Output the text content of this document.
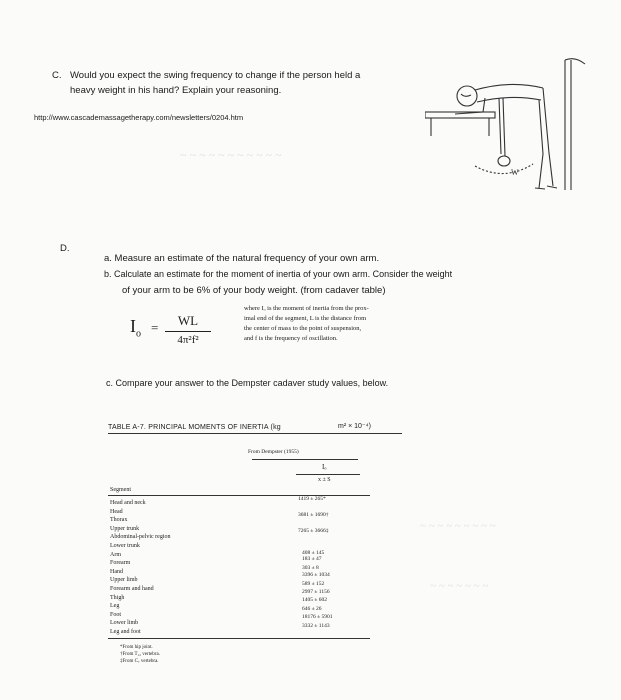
~ ~ ~ ~ ~ ~ ~ ~ ~ ~ ~
~ ~ ~ ~ ~ ~ ~ ~ ~
~ ~ ~ ~ ~ ~ ~
C. Would you expect the swing frequency to change if the person held a
heavy weight in his hand? Explain your reasoning.
http://www.cascademassagetherapy.com/newsletters/0204.htm
W
D.
a. Measure an estimate of the natural frequency of your own arm.
b. Calculate an estimate for the moment of inertia of your own arm. Consider the weight
of your arm to be 6% of your body weight. (from cadaver table)
$I_o$ =	WL
4π²f²
where Iₒ is the moment of inertia from the prox-
imal end of the segment, L is the distance from
the center of mass to the point of suspension,
and f is the frequency of oscillation.
c. Compare your answer to the Dempster cadaver study values, below.
TABLE A-7. PRINCIPAL MOMENTS OF INERTIA (kg	m² × 10⁻⁴)
From Dempster (1955)
Iₒ
x ± S
Segment
Head and neck
Head
Thorax
Upper trunk
Abdominal-pelvic region
Lower trunk
Arm
Forearm
Hand
Upper limb
Forearm and hand
Thigh
Leg
Foot
Lower limb
Leg and foot
1419 ± 265*
3681 ± 1690†
7265 ± 3666‡
408 ± 145
183 ± 47
303 ± 8
3396 ± 1034
589 ± 152
2997 ± 1156
1405 ± 602
646 ± 26
18176 ± 5901
3332 ± 1143
*From hip joint.
†From T₁₂ vertebra.
‡From C₇ vertebra.
